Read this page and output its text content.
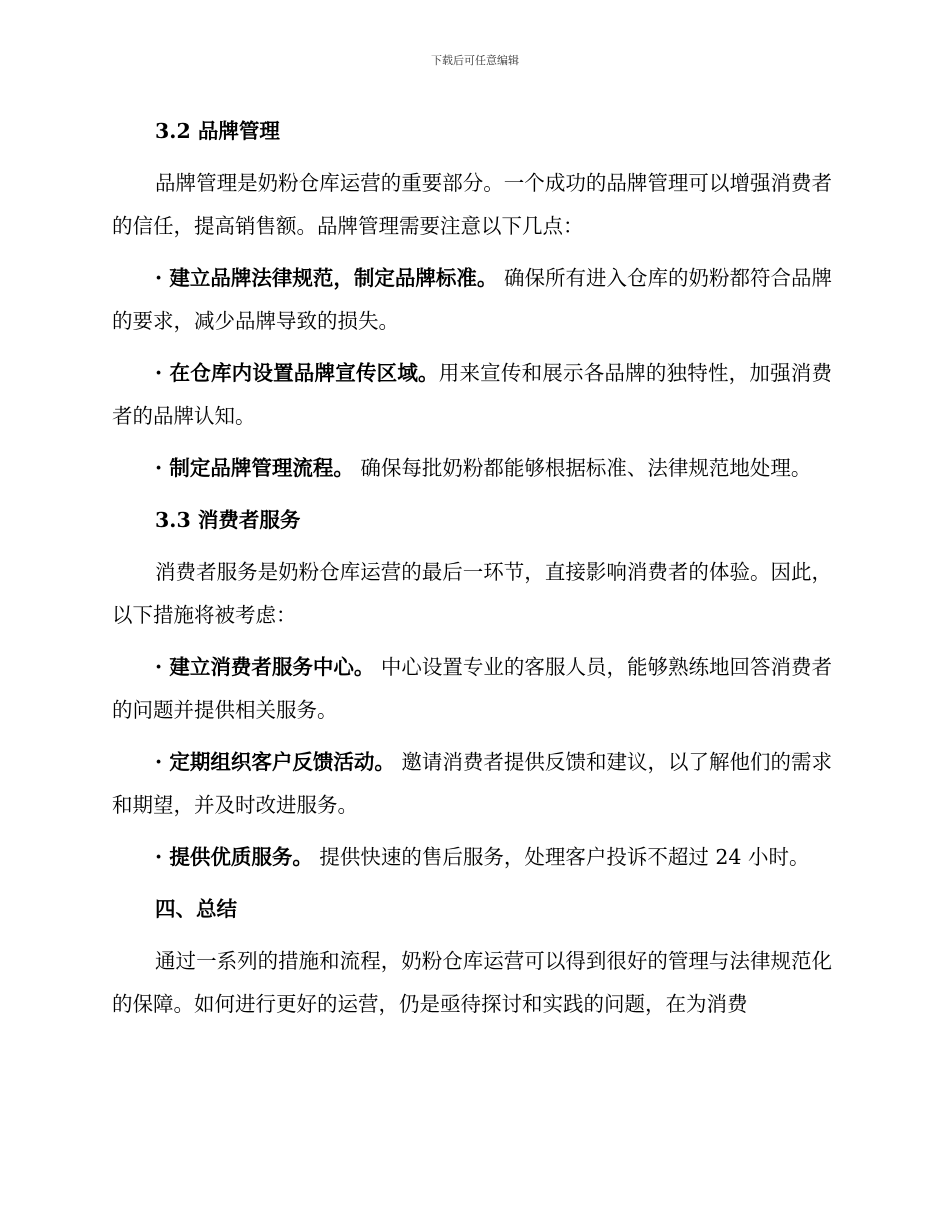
下载后可任意编辑
3.2 品牌管理
品牌管理是奶粉仓库运营的重要部分。一个成功的品牌管理可以增强消费者的信任，提高销售额。品牌管理需要注意以下几点：
· 建立品牌法律规范，制定品牌标准。 确保所有进入仓库的奶粉都符合品牌的要求，减少品牌导致的损失。
· 在仓库内设置品牌宣传区域。用来宣传和展示各品牌的独特性，加强消费者的品牌认知。
· 制定品牌管理流程。 确保每批奶粉都能够根据标准、法律规范地处理。
3.3 消费者服务
消费者服务是奶粉仓库运营的最后一环节，直接影响消费者的体验。因此，以下措施将被考虑：
· 建立消费者服务中心。 中心设置专业的客服人员，能够熟练地回答消费者的问题并提供相关服务。
· 定期组织客户反馈活动。 邀请消费者提供反馈和建议，以了解他们的需求和期望，并及时改进服务。
· 提供优质服务。 提供快速的售后服务，处理客户投诉不超过 24 小时。
四、总结
通过一系列的措施和流程，奶粉仓库运营可以得到很好的管理与法律规范化的保障。如何进行更好的运营，仍是亟待探讨和实践的问题，在为消费
